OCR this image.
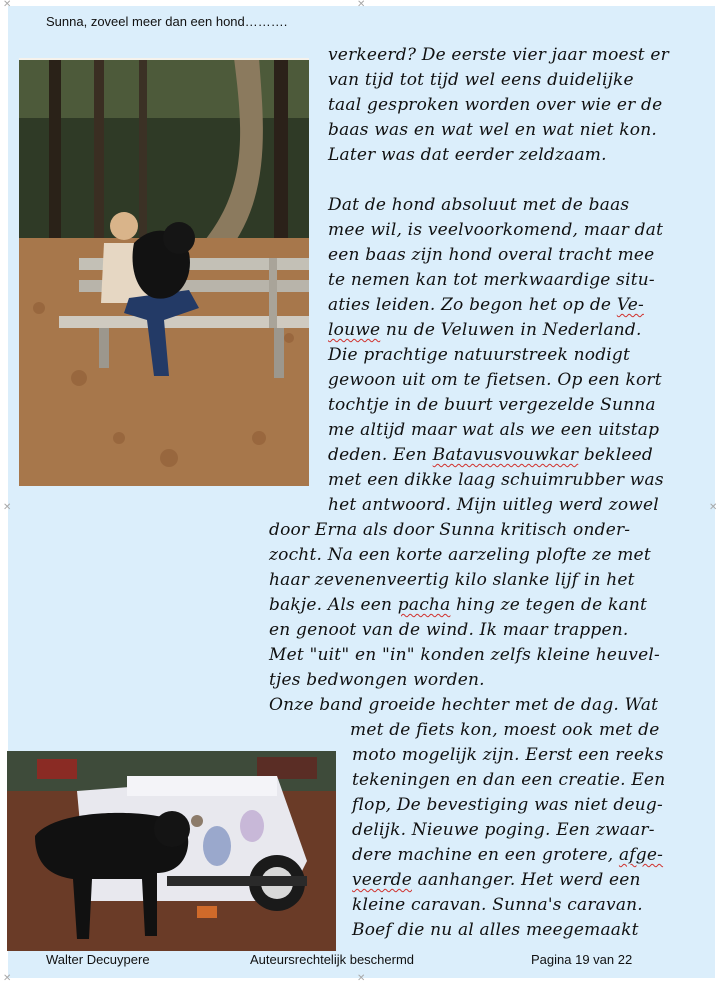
✕	✕
✕	✕
✕	✕
Sunna, zoveel meer dan een hond……….
verkeerd? De eerste vier jaar moest er
van tijd tot tijd wel eens duidelijke
taal gesproken worden over wie er de
baas was en wat wel en wat niet kon.
Later was dat eerder zeldzaam.
Dat de hond absoluut met de baas
mee wil, is veelvoorkomend, maar dat
een baas zijn hond overal tracht mee
te nemen kan tot merkwaardige situ-
aties leiden. Zo begon het op de Ve-
louwe nu de Veluwen in Nederland.
Die prachtige natuurstreek nodigt
gewoon uit om te fietsen. Op een kort
tochtje in de buurt vergezelde Sunna
me altijd maar wat als we een uitstap
deden. Een Batavusvouwkar bekleed
met een dikke laag schuimrubber was
het antwoord. Mijn uitleg werd zowel
door Erna als door Sunna kritisch onder-
zocht. Na een korte aarzeling plofte ze met
haar zevenenveertig kilo slanke lijf in het
bakje. Als een pacha hing ze tegen de kant
en genoot van de wind. Ik maar trappen.
Met "uit" en "in" konden zelfs kleine heuvel-
tjes bedwongen worden.
Onze band groeide hechter met de dag. Wat
met de fiets kon, moest ook met de
moto mogelijk zijn. Eerst een reeks
tekeningen en dan een creatie. Een
flop, De bevestiging was niet deug-
delijk. Nieuwe poging. Een zwaar-
dere machine en een grotere, afge-
veerde aanhanger. Het werd een
kleine caravan. Sunna's caravan.
Boef die nu al alles meegemaakt
Walter Decuypere	Auteursrechtelijk beschermd	Pagina 19 van 22
